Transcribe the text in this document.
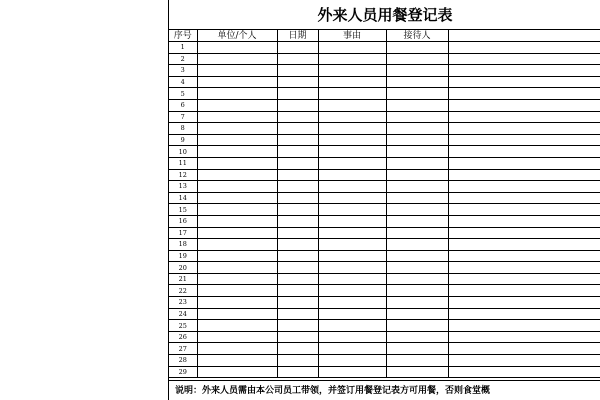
外来人员用餐登记表
序号	单位/个人	日期	事由	接待人	
1					
2					
3					
4					
5					
6					
7					
8					
9					
10					
11					
12					
13					
14					
15					
16					
17					
18					
19					
20					
21					
22					
23					
24					
25					
26					
27					
28					
29					
说明：外来人员需由本公司员工带领，并签订用餐登记表方可用餐，否则食堂概
